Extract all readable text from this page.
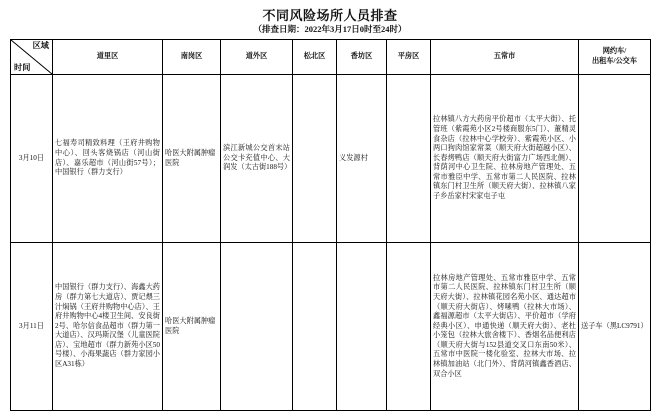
不同风险场所人员排查
（排查日期：2022年3月17日0时至24时）
区域
时间	道里区	南岗区	道外区	松北区	香坊区	平房区	五常市	网约车/
出租车/公交车
3月10日	七福寿司精致料理（王府井购物中心）、回头客烧锅店（河山街店）、嘉乐超市（河山街57号）；中国银行（群力支行）	哈医大附属肿瘤医院	滨江新城公交首末站公交卡充值中心、大润发（太古街188号）		义发源村		拉林镇八方大药房平价超市（太平大街）、托管班（紫霞苑小区2号楼商服东5门）、董精灵食杂店（拉林中心学校旁）、紫霞苑小区、小两口狗肉馆家常菜（顺天府大街超越小区）、长春烤鸭店（顺天府大街富力广场西北侧）、背荫河中心卫生院、拉林房地产管理处、五常市雅臣中学、五常市第二人民医院、拉林镇东门村卫生所（顺天府大街）、拉林镇八家子乡岳家村宋家屯子屯	
3月11日	中国银行（群力支行）、海鑫大药房（群力第七大道店）、贾记煨三汁焖锅（王府井购物中心店）、王府井购物中心4楼卫生间、安良街2号、哈尔信食品超市（群力第一大道店）、汉玛斯汉堡（儿童医院店）、宝地超市（群力新苑小区50号楼）、小海果蔬店（群力家园小区A31栋）	哈医大附属肿瘤医院					拉林房地产管理处、五常市雅臣中学、五常市第二人民医院、拉林镇东门村卫生所（顺天府大街）、拉林镇花园名苑小区、通达超市（顺天府大街店）、烤嗉鸭（拉林大市场）、鑫福源超市（太平大街店）、平价超市（学府经典小区）、申通快递（顺天府大街）、老杜小笼包（拉林大旅舍楼下）、香烟名品便利店（顺天府大街与152县道交叉口东南50米）、五常市中医院一楼化验室、拉林大市场、拉林镇加油站（北门外）、背荫河镇鑫香酒店、双合小区	送子车（黑LC9791）
